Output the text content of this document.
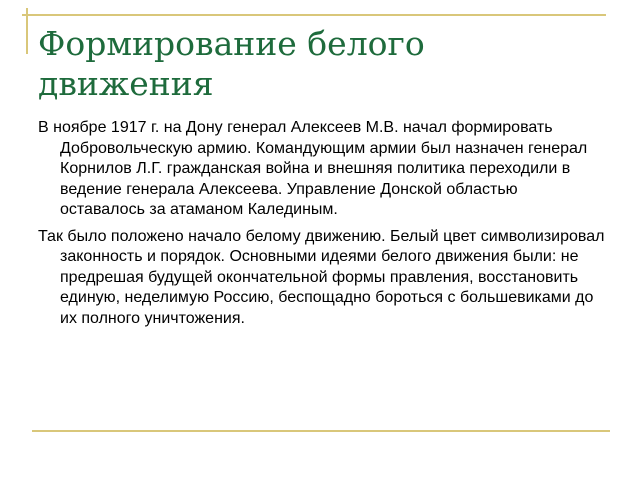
Формирование белого движения

В ноябре 1917 г. на Дону генерал Алексеев М.В. начал формировать Добровольческую армию. Командующим армии был назначен генерал Корнилов Л.Г. гражданская война и внешняя политика переходили в ведение генерала Алексеева. Управление Донской областью оставалось за атаманом Калединым.

Так было положено начало белому движению. Белый цвет символизировал законность и порядок. Основными идеями белого движения были: не предрешая будущей окончательной формы правления, восстановить единую, неделимую Россию, беспощадно бороться с большевиками до их полного уничтожения.
